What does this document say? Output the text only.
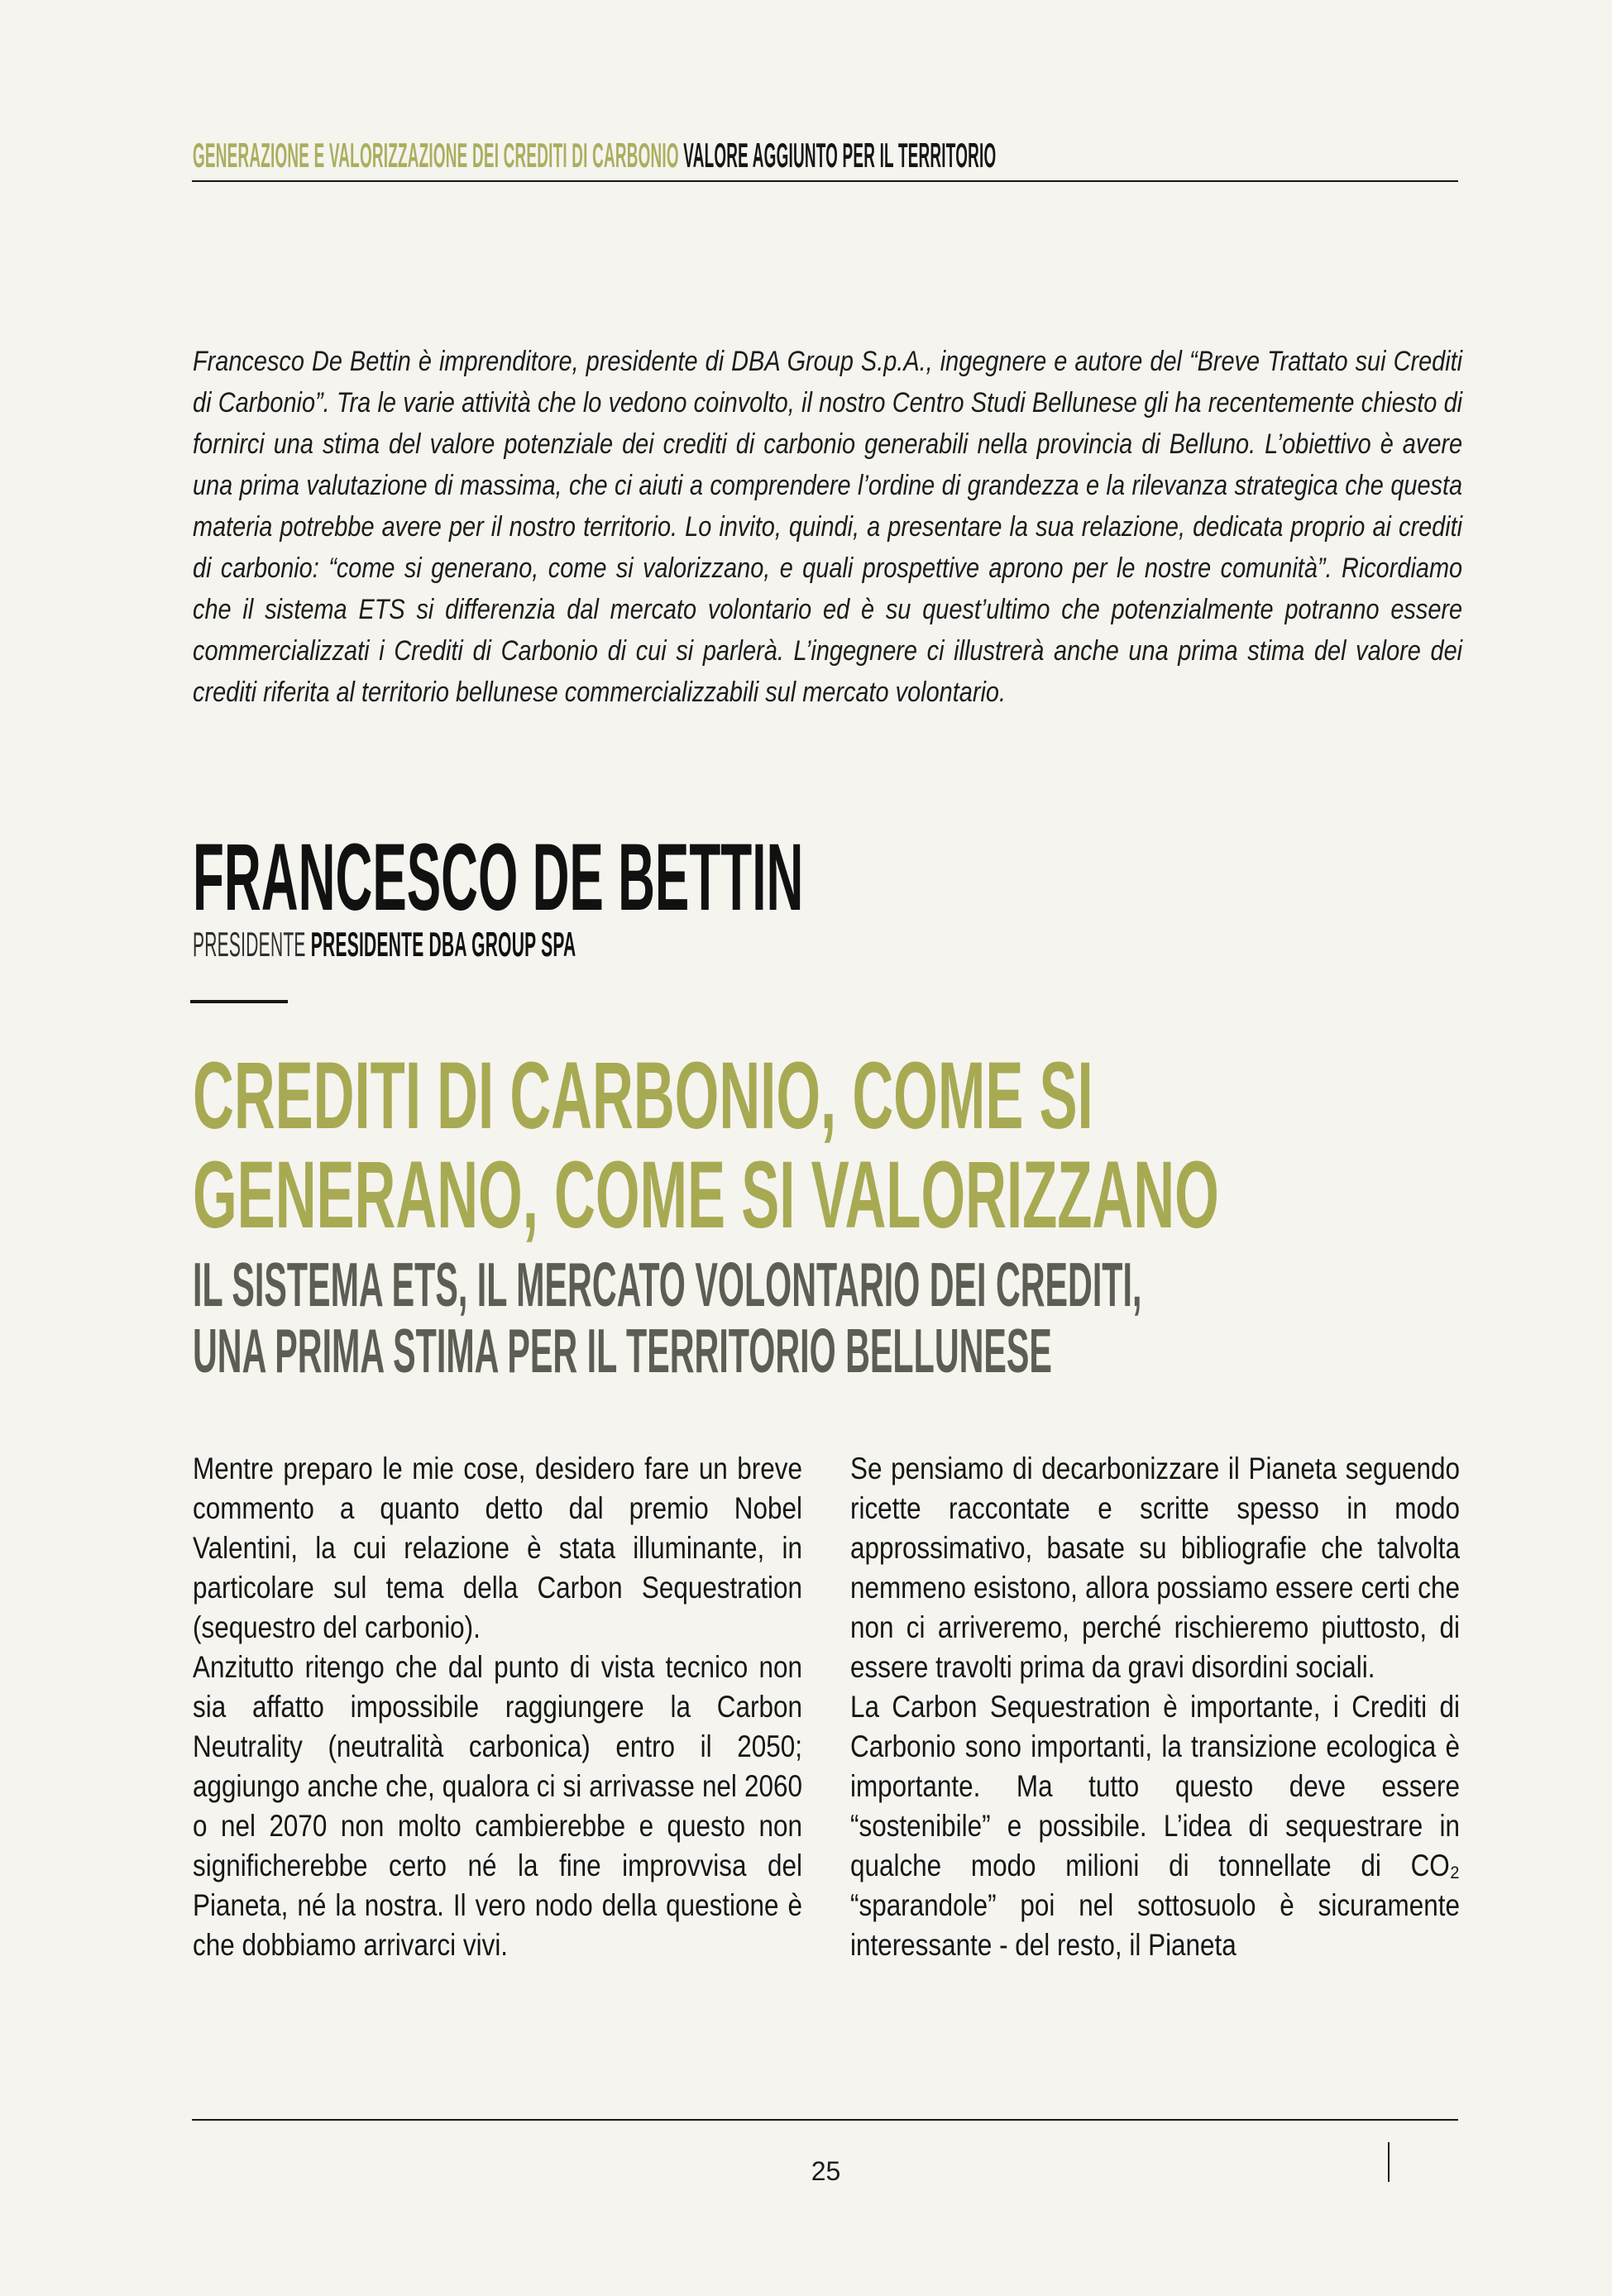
GENERAZIONE E VALORIZZAZIONE DEI CREDITI DI CARBONIO VALORE AGGIUNTO PER IL TERRITORIO
Francesco De Bettin è imprenditore, presidente di DBA Group S.p.A., ingegnere e autore del “Breve Trattato sui Crediti di Carbonio”. Tra le varie attività che lo vedono coinvolto, il nostro Centro Studi Bellunese gli ha recentemente chiesto di fornirci una stima del valore potenziale dei crediti di carbonio generabili nella provincia di Belluno. L’obiettivo è avere una prima valutazione di massima, che ci aiuti a comprendere l’ordine di grandezza e la rilevanza strategica che questa materia potrebbe avere per il nostro territorio. Lo invito, quindi, a presentare la sua relazione, dedicata proprio ai crediti di carbonio: “come si generano, come si valorizzano, e quali prospettive aprono per le nostre comunità”. Ricordiamo che il sistema ETS si differenzia dal mercato volontario ed è su quest’ultimo che potenzialmente potranno essere commercializzati i Crediti di Carbonio di cui si parlerà. L’ingegnere ci illustrerà anche una prima stima del valore dei crediti riferita al territorio bellunese commercializzabili sul mercato volontario.
FRANCESCO DE BETTIN
PRESIDENTE PRESIDENTE DBA GROUP SPA
CREDITI DI CARBONIO, COME SI
GENERANO, COME SI VALORIZZANO
IL SISTEMA ETS, IL MERCATO VOLONTARIO DEI CREDITI,
UNA PRIMA STIMA PER IL TERRITORIO BELLUNESE

Mentre preparo le mie cose, desidero fare un breve commento a quanto detto dal premio Nobel Valentini, la cui relazione è stata illuminante, in particolare sul tema della Carbon Sequestration (sequestro del carbonio).

Anzitutto ritengo che dal punto di vista tecnico non sia affatto impossibile raggiungere la Carbon Neutrality (neutralità carbonica) entro il 2050; aggiungo anche che, qualora ci si arrivasse nel 2060 o nel 2070 non molto cambierebbe e questo non significherebbe certo né la fine improvvisa del Pianeta, né la nostra. Il vero nodo della questione è che dobbiamo arrivarci vivi.

Se pensiamo di decarbonizzare il Pianeta seguendo ricette raccontate e scritte spesso in modo approssimativo, basate su bibliografie che talvolta nemmeno esistono, allora possiamo essere certi che non ci arriveremo, perché rischieremo piuttosto, di essere travolti prima da gravi disordini sociali.

La Carbon Sequestration è importante, i Crediti di Carbonio sono importanti, la transizione ecologica è importante. Ma tutto questo deve essere “sostenibile” e possibile. L’idea di sequestrare in qualche modo milioni di tonnellate di CO₂ “sparandole” poi nel sottosuolo è sicuramente interessante - del resto, il Pianeta

25
